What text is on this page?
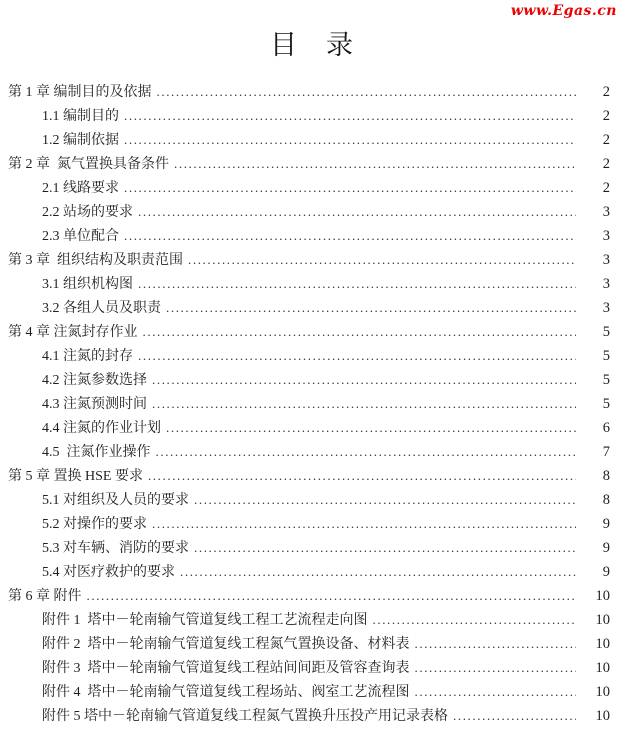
www.Egas.cn
目　录
第 1 章 编制目的及依据 .....	2
1.1 编制目的 .....	2
1.2 编制依据 .....	2
第 2 章  氮气置换具备条件 .....	2
2.1 线路要求 .....	2
2.2 站场的要求 .....	3
2.3 单位配合 .....	3
第 3 章  组织结构及职责范围 .....	3
3.1 组织机构图 .....	3
3.2 各组人员及职责 .....	3
第 4 章 注氮封存作业 .....	5
4.1 注氮的封存 .....	5
4.2 注氮参数选择 .....	5
4.3 注氮预测时间 .....	5
4.4 注氮的作业计划 .....	6
4.5  注氮作业操作 .....	7
第 5 章 置换 HSE 要求 .....	8
5.1 对组织及人员的要求 .....	8
5.2 对操作的要求 .....	9
5.3 对车辆、消防的要求 .....	9
5.4 对医疗救护的要求 .....	9
第 6 章 附件 .....	10
附件 1  塔中－轮南输气管道复线工程工艺流程走向图 .....	10
附件 2  塔中－轮南输气管道复线工程氮气置换设备、材料表 .....	10
附件 3  塔中－轮南输气管道复线工程站间间距及管容查询表 .....	10
附件 4  塔中－轮南输气管道复线工程场站、阀室工艺流程图 .....	10
附件 5 塔中－轮南输气管道复线工程氮气置换升压投产用记录表格 .....	10
